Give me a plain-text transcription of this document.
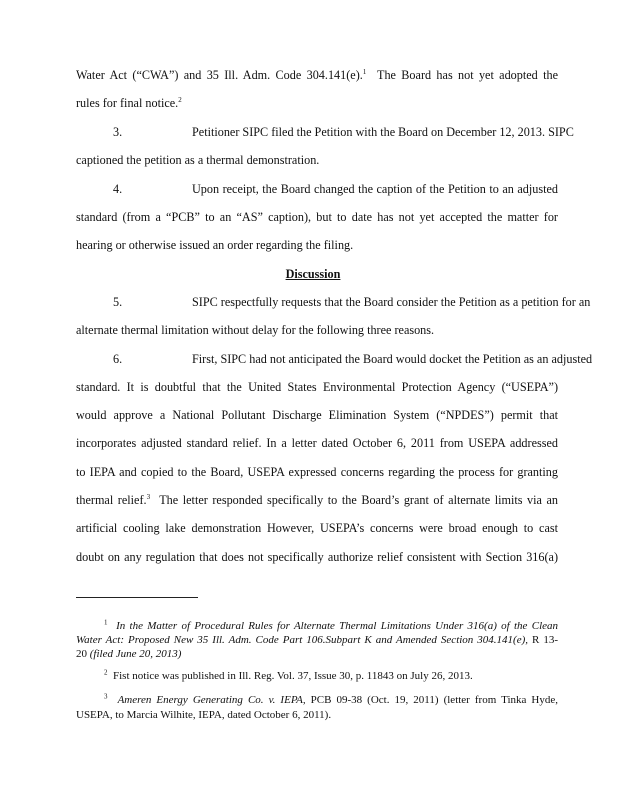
Water Act (“CWA”) and 35 Ill. Adm. Code 304.141(e).$^1$ The Board has not yet adopted the
rules for final notice.$^2$
3.	Petitioner SIPC filed the Petition with the Board on December 12, 2013. SIPC
captioned the petition as a thermal demonstration.
4.	Upon receipt, the Board changed the caption of the Petition to an adjusted
standard (from a “PCB” to an “AS” caption), but to date has not yet accepted the matter for
hearing or otherwise issued an order regarding the filing.
Discussion
5.	SIPC respectfully requests that the Board consider the Petition as a petition for an
alternate thermal limitation without delay for the following three reasons.
6.	First, SIPC had not anticipated the Board would docket the Petition as an adjusted
standard. It is doubtful that the United States Environmental Protection Agency (“USEPA”)
would approve a National Pollutant Discharge Elimination System (“NPDES”) permit that
incorporates adjusted standard relief. In a letter dated October 6, 2011 from USEPA addressed
to IEPA and copied to the Board, USEPA expressed concerns regarding the process for granting
thermal relief.$^3$ The letter responded specifically to the Board’s grant of alternate limits via an
artificial cooling lake demonstration However, USEPA’s concerns were broad enough to cast
doubt on any regulation that does not specifically authorize relief consistent with Section 316(a)
$^1$ In the Matter of Procedural Rules for Alternate Thermal Limitations Under 316(a) of the Clean
Water Act: Proposed New 35 Ill. Adm. Code Part 106.Subpart K and Amended Section 304.141(e), R 13-
20 (filed June 20, 2013)
$^2$ Fist notice was published in Ill. Reg. Vol. 37, Issue 30, p. 11843 on July 26, 2013.
$^3$ Ameren Energy Generating Co. v. IEPA, PCB 09-38 (Oct. 19, 2011) (letter from Tinka Hyde,
USEPA, to Marcia Wilhite, IEPA, dated October 6, 2011).
